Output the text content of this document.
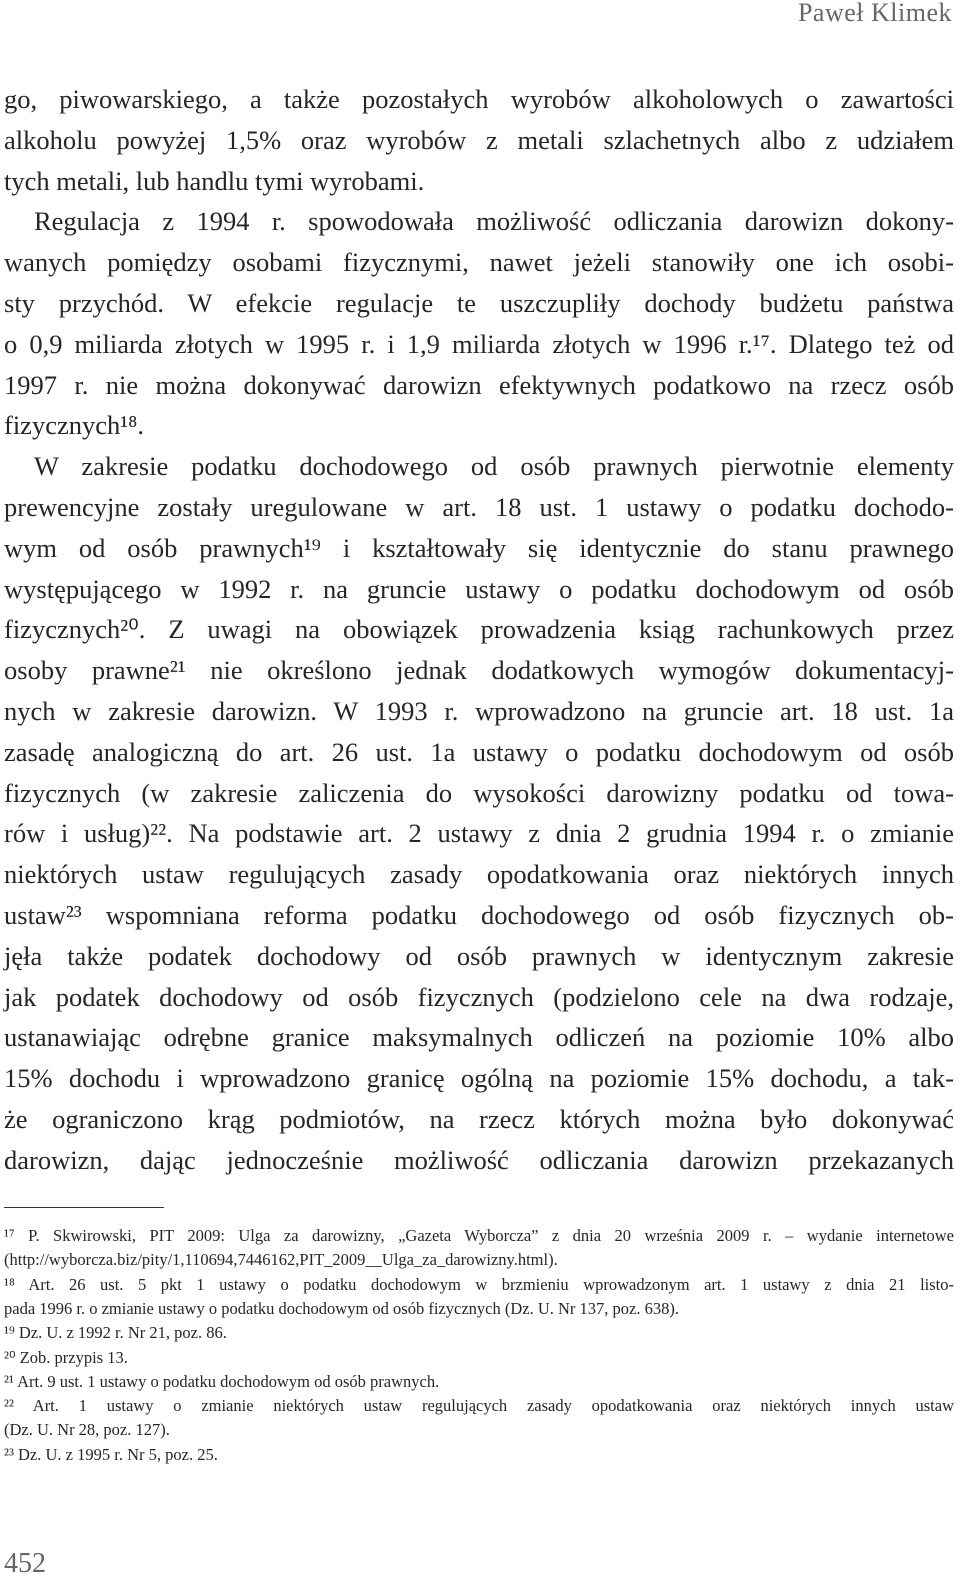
Paweł Klimek
go, piwowarskiego, a także pozostałych wyrobów alkoholowych o zawartości
alkoholu powyżej 1,5% oraz wyrobów z metali szlachetnych albo z udziałem
tych metali, lub handlu tymi wyrobami.
Regulacja z 1994 r. spowodowała możliwość odliczania darowizn dokony-
wanych pomiędzy osobami fizycznymi, nawet jeżeli stanowiły one ich osobi-
sty przychód. W efekcie regulacje te uszczupliły dochody budżetu państwa
o 0,9 miliarda złotych w 1995 r. i 1,9 miliarda złotych w 1996 r.¹⁷. Dlatego też od
1997 r. nie można dokonywać darowizn efektywnych podatkowo na rzecz osób
fizycznych¹⁸.
W zakresie podatku dochodowego od osób prawnych pierwotnie elementy
prewencyjne zostały uregulowane w art. 18 ust. 1 ustawy o podatku dochodo-
wym od osób prawnych¹⁹ i kształtowały się identycznie do stanu prawnego
występującego w 1992 r. na gruncie ustawy o podatku dochodowym od osób
fizycznych²⁰. Z uwagi na obowiązek prowadzenia ksiąg rachunkowych przez
osoby prawne²¹ nie określono jednak dodatkowych wymogów dokumentacyj-
nych w zakresie darowizn. W 1993 r. wprowadzono na gruncie art. 18 ust. 1a
zasadę analogiczną do art. 26 ust. 1a ustawy o podatku dochodowym od osób
fizycznych (w zakresie zaliczenia do wysokości darowizny podatku od towa-
rów i usług)²². Na podstawie art. 2 ustawy z dnia 2 grudnia 1994 r. o zmianie
niektórych ustaw regulujących zasady opodatkowania oraz niektórych innych
ustaw²³ wspomniana reforma podatku dochodowego od osób fizycznych ob-
jęła także podatek dochodowy od osób prawnych w identycznym zakresie
jak podatek dochodowy od osób fizycznych (podzielono cele na dwa rodzaje,
ustanawiając odrębne granice maksymalnych odliczeń na poziomie 10% albo
15% dochodu i wprowadzono granicę ogólną na poziomie 15% dochodu, a tak-
że ograniczono krąg podmiotów, na rzecz których można było dokonywać
darowizn, dając jednocześnie możliwość odliczania darowizn przekazanych
¹⁷ P. Skwirowski, PIT 2009: Ulga za darowizny, „Gazeta Wyborcza” z dnia 20 września 2009 r. – wydanie internetowe
(http://wyborcza.biz/pity/1,110694,7446162,PIT_2009__Ulga_za_darowizny.html).
¹⁸ Art. 26 ust. 5 pkt 1 ustawy o podatku dochodowym w brzmieniu wprowadzonym art. 1 ustawy z dnia 21 listo-
pada 1996 r. o zmianie ustawy o podatku dochodowym od osób fizycznych (Dz. U. Nr 137, poz. 638).
¹⁹ Dz. U. z 1992 r. Nr 21, poz. 86.
²⁰ Zob. przypis 13.
²¹ Art. 9 ust. 1 ustawy o podatku dochodowym od osób prawnych.
²² Art. 1 ustawy o zmianie niektórych ustaw regulujących zasady opodatkowania oraz niektórych innych ustaw
(Dz. U. Nr 28, poz. 127).
²³ Dz. U. z 1995 r. Nr 5, poz. 25.
452
